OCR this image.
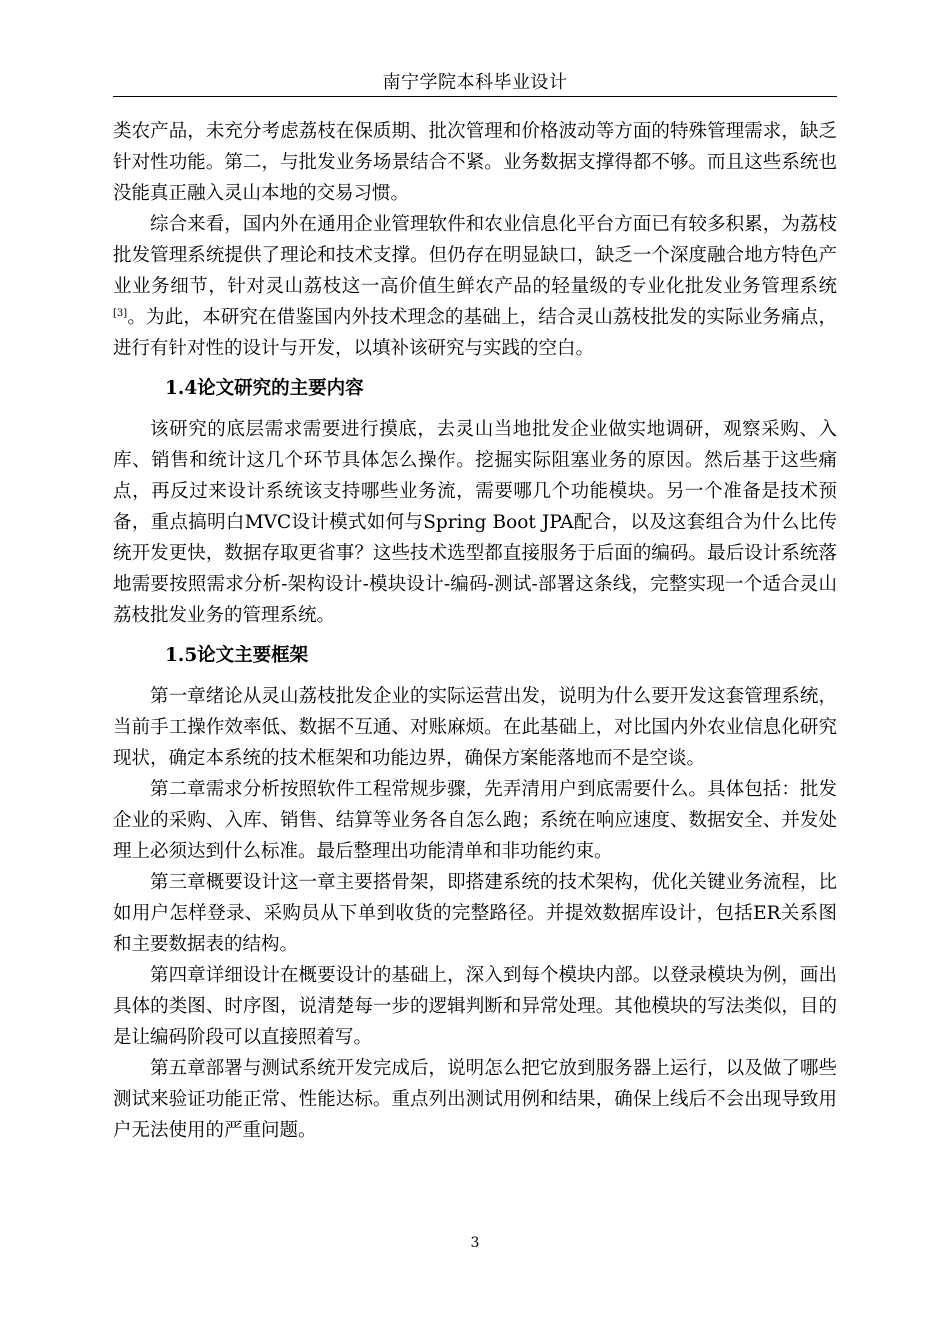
南宁学院本科毕业设计

类农产品，未充分考虑荔枝在保质期、批次管理和价格波动等方面的特殊管理需求，缺乏针对性功能。第二，与批发业务场景结合不紧。业务数据支撑得都不够。而且这些系统也没能真正融入灵山本地的交易习惯。

综合来看，国内外在通用企业管理软件和农业信息化平台方面已有较多积累，为荔枝批发管理系统提供了理论和技术支撑。但仍存在明显缺口，缺乏一个深度融合地方特色产业业务细节，针对灵山荔枝这一高价值生鲜农产品的轻量级的专业化批发业务管理系统[3]。为此，本研究在借鉴国内外技术理念的基础上，结合灵山荔枝批发的实际业务痛点，进行有针对性的设计与开发，以填补该研究与实践的空白。

1.4论文研究的主要内容

该研究的底层需求需要进行摸底，去灵山当地批发企业做实地调研，观察采购、入库、销售和统计这几个环节具体怎么操作。挖掘实际阻塞业务的原因。然后基于这些痛点，再反过来设计系统该支持哪些业务流，需要哪几个功能模块。另一个准备是技术预备，重点搞明白MVC设计模式如何与Spring Boot JPA配合，以及这套组合为什么比传统开发更快，数据存取更省事？这些技术选型都直接服务于后面的编码。最后设计系统落地需要按照需求分析-架构设计-模块设计-编码-测试-部署这条线，完整实现一个适合灵山荔枝批发业务的管理系统。

1.5论文主要框架

第一章绪论从灵山荔枝批发企业的实际运营出发，说明为什么要开发这套管理系统，当前手工操作效率低、数据不互通、对账麻烦。在此基础上，对比国内外农业信息化研究现状，确定本系统的技术框架和功能边界，确保方案能落地而不是空谈。

第二章需求分析按照软件工程常规步骤，先弄清用户到底需要什么。具体包括：批发企业的采购、入库、销售、结算等业务各自怎么跑；系统在响应速度、数据安全、并发处理上必须达到什么标准。最后整理出功能清单和非功能约束。

第三章概要设计这一章主要搭骨架，即搭建系统的技术架构，优化关键业务流程，比如用户怎样登录、采购员从下单到收货的完整路径。并提效数据库设计，包括ER关系图和主要数据表的结构。

第四章详细设计在概要设计的基础上，深入到每个模块内部。以登录模块为例，画出具体的类图、时序图，说清楚每一步的逻辑判断和异常处理。其他模块的写法类似，目的是让编码阶段可以直接照着写。

第五章部署与测试系统开发完成后，说明怎么把它放到服务器上运行，以及做了哪些测试来验证功能正常、性能达标。重点列出测试用例和结果，确保上线后不会出现导致用户无法使用的严重问题。

3
